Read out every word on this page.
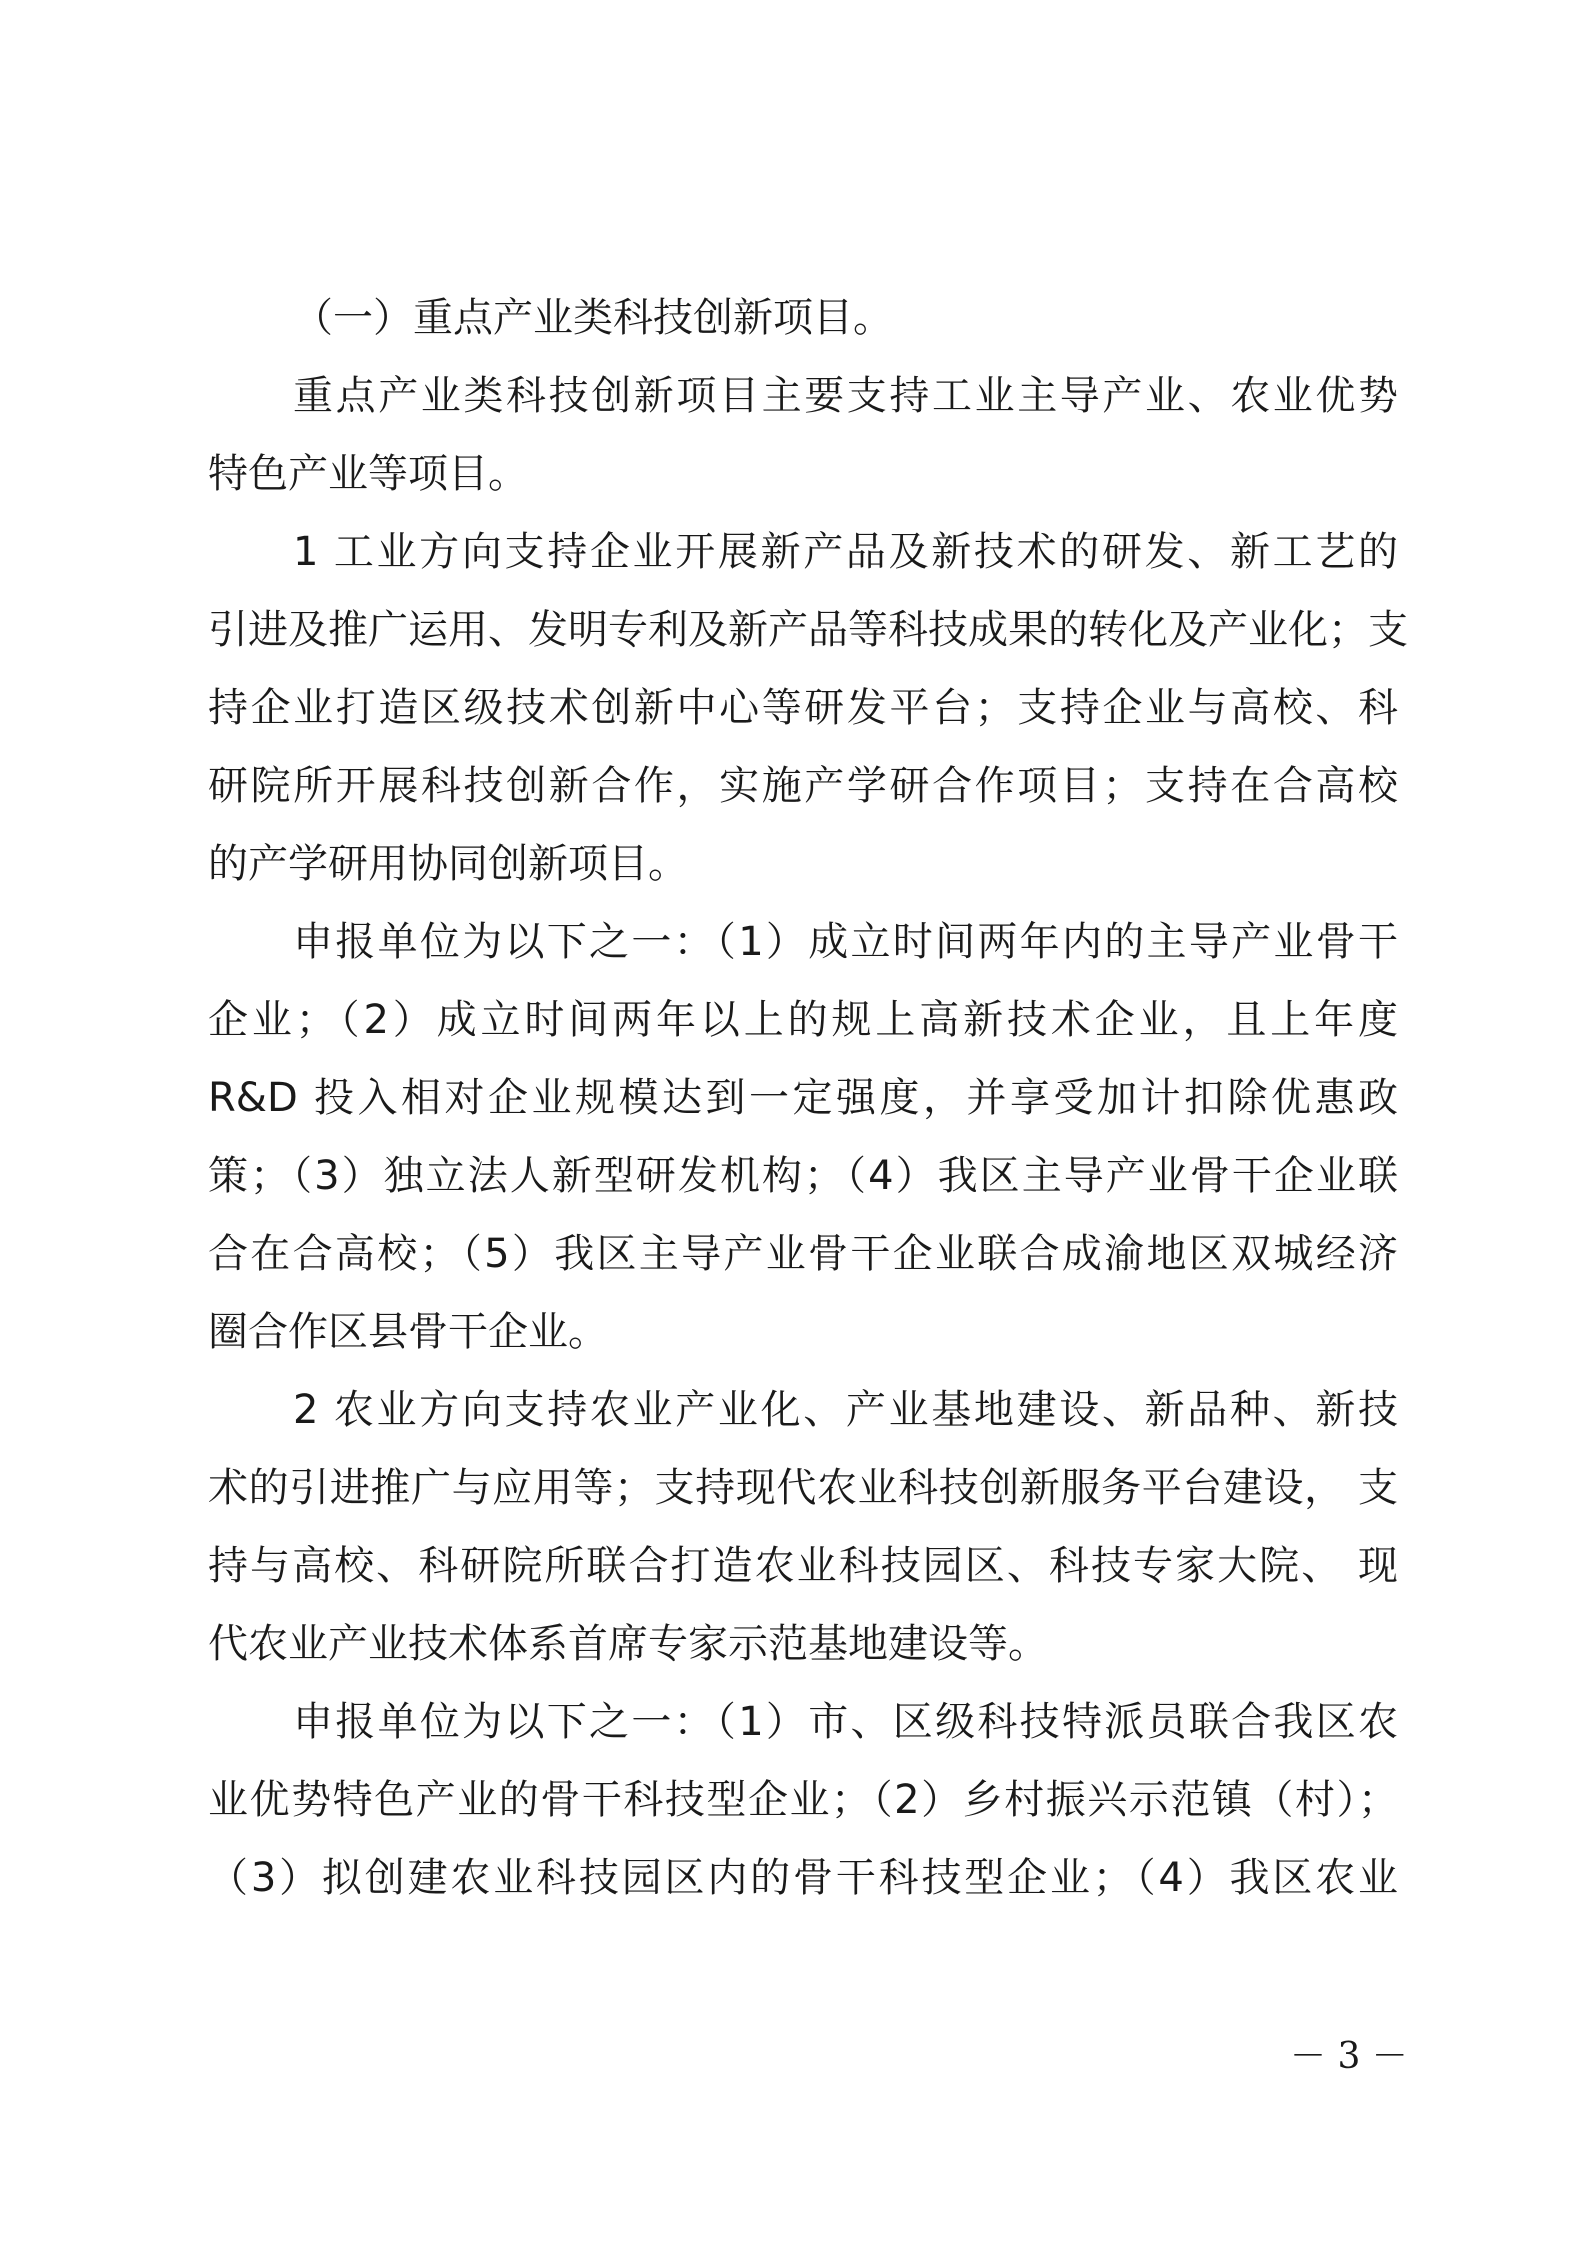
（一）重点产业类科技创新项目。
重点产业类科技创新项目主要支持工业主导产业、农业优势
特色产业等项目。
1 工业方向支持企业开展新产品及新技术的研发、新工艺的
引进及推广运用、发明专利及新产品等科技成果的转化及产业化；支
持企业打造区级技术创新中心等研发平台；支持企业与高校、科
研院所开展科技创新合作，实施产学研合作项目；支持在合高校
的产学研用协同创新项目。
申报单位为以下之一：（1）成立时间两年内的主导产业骨干
企业；（2）成立时间两年以上的规上高新技术企业，且上年度
R&D 投入相对企业规模达到一定强度，并享受加计扣除优惠政
策；（3）独立法人新型研发机构；（4）我区主导产业骨干企业联
合在合高校；（5）我区主导产业骨干企业联合成渝地区双城经济
圈合作区县骨干企业。
2 农业方向支持农业产业化、产业基地建设、新品种、新技
术的引进推广与应用等；支持现代农业科技创新服务平台建设， 支
持与高校、科研院所联合打造农业科技园区、科技专家大院、 现
代农业产业技术体系首席专家示范基地建设等。
申报单位为以下之一：（1）市、区级科技特派员联合我区农
业优势特色产业的骨干科技型企业；（2）乡村振兴示范镇（村）；
（3）拟创建农业科技园区内的骨干科技型企业；（4）我区农业
－ 3 －
